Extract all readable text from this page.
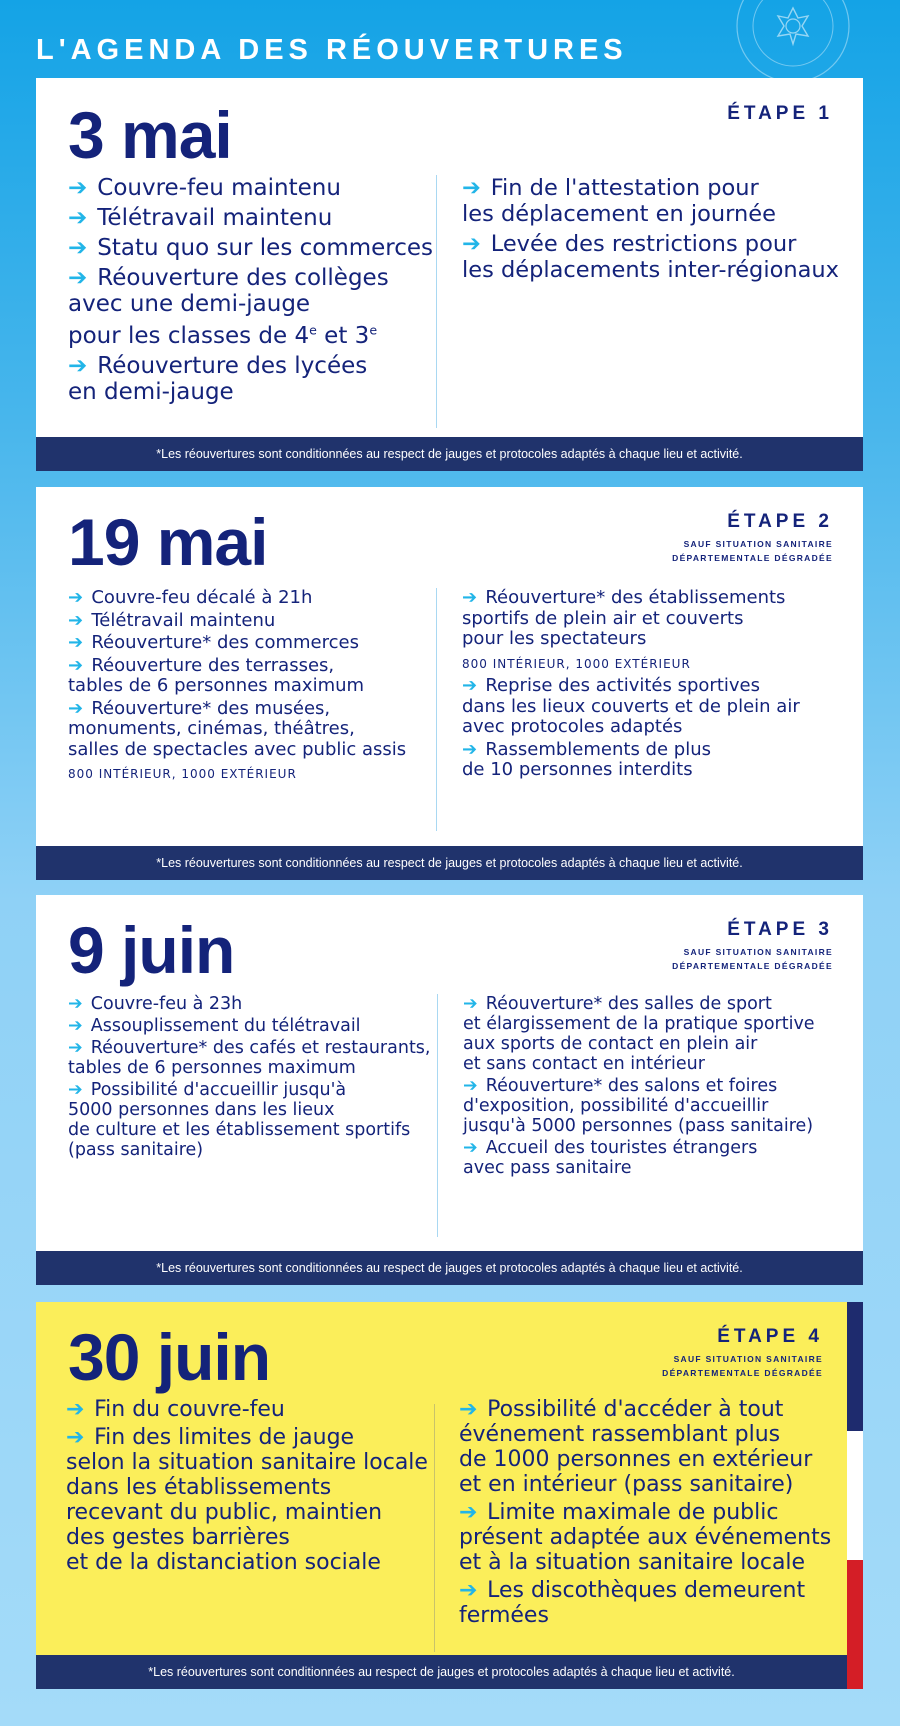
L'AGENDA DES RÉOUVERTURES
3 mai	ÉTAPE 1
➔ Couvre-feu maintenu
➔ Télétravail maintenu
➔ Statu quo sur les commerces
➔ Réouverture des collèges
avec une demi-jauge
pour les classes de 4e et 3e
➔ Réouverture des lycées
en demi-jauge
➔ Fin de l'attestation pour
les déplacement en journée
➔ Levée des restrictions pour
les déplacements inter-régionaux
*Les réouvertures sont conditionnées au respect de jauges et protocoles adaptés à chaque lieu et activité.
19 mai	ÉTAPE 2
SAUF SITUATION SANITAIRE
DÉPARTEMENTALE DÉGRADÉE
➔ Couvre-feu décalé à 21h
➔ Télétravail maintenu
➔ Réouverture* des commerces
➔ Réouverture des terrasses,
tables de 6 personnes maximum
➔ Réouverture* des musées,
monuments, cinémas, théâtres,
salles de spectacles avec public assis
800 INTÉRIEUR, 1000 EXTÉRIEUR
➔ Réouverture* des établissements
sportifs de plein air et couverts
pour les spectateurs
800 INTÉRIEUR, 1000 EXTÉRIEUR
➔ Reprise des activités sportives
dans les lieux couverts et de plein air
avec protocoles adaptés
➔ Rassemblements de plus
de 10 personnes interdits
*Les réouvertures sont conditionnées au respect de jauges et protocoles adaptés à chaque lieu et activité.
9 juin	ÉTAPE 3
SAUF SITUATION SANITAIRE
DÉPARTEMENTALE DÉGRADÉE
➔ Couvre-feu à 23h
➔ Assouplissement du télétravail
➔ Réouverture* des cafés et restaurants,
tables de 6 personnes maximum
➔ Possibilité d'accueillir jusqu'à
5000 personnes dans les lieux
de culture et les établissement sportifs
(pass sanitaire)
➔ Réouverture* des salles de sport
et élargissement de la pratique sportive
aux sports de contact en plein air
et sans contact en intérieur
➔ Réouverture* des salons et foires
d'exposition, possibilité d'accueillir
jusqu'à 5000 personnes (pass sanitaire)
➔ Accueil des touristes étrangers
avec pass sanitaire
*Les réouvertures sont conditionnées au respect de jauges et protocoles adaptés à chaque lieu et activité.
30 juin	ÉTAPE 4
SAUF SITUATION SANITAIRE
DÉPARTEMENTALE DÉGRADÉE
➔ Fin du couvre-feu
➔ Fin des limites de jauge
selon la situation sanitaire locale
dans les établissements
recevant du public, maintien
des gestes barrières
et de la distanciation sociale
➔ Possibilité d'accéder à tout
événement rassemblant plus
de 1000 personnes en extérieur
et en intérieur (pass sanitaire)
➔ Limite maximale de public
présent adaptée aux événements
et à la situation sanitaire locale
➔ Les discothèques demeurent
fermées
*Les réouvertures sont conditionnées au respect de jauges et protocoles adaptés à chaque lieu et activité.
